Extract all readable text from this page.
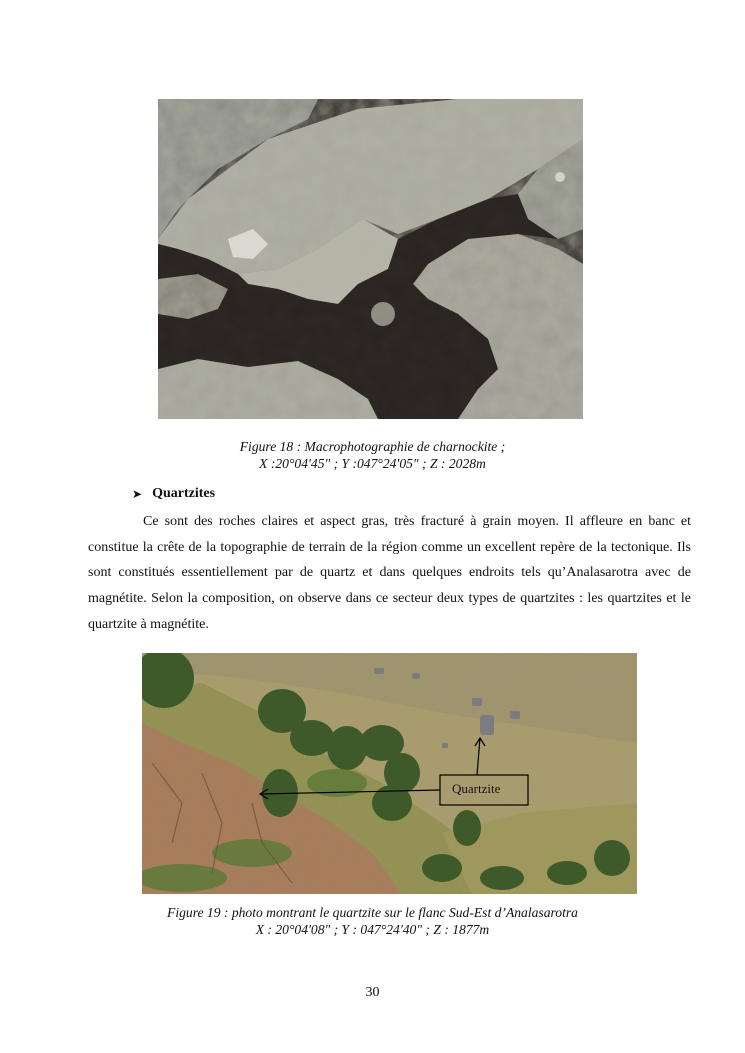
Figure 18 : Macrophotographie de charnockite ;
X :20°04'45" ; Y :047°24'05" ; Z : 2028m
➤ Quartzites

Ce sont des roches claires et aspect gras, très fracturé à grain moyen. Il affleure en banc et constitue la crête de la topographie de terrain de la région comme un excellent repère de la tectonique. Ils sont constitués essentiellement par de quartz et dans quelques endroits tels qu’Analasarotra avec de magnétite. Selon la composition, on observe dans ce secteur deux types de quartzites : les quartzites et le quartzite à magnétite.

Quartzite
Figure 19 : photo montrant le quartzite sur le flanc Sud-Est d’Analasarotra
X : 20°04'08" ; Y : 047°24'40" ; Z : 1877m
30
